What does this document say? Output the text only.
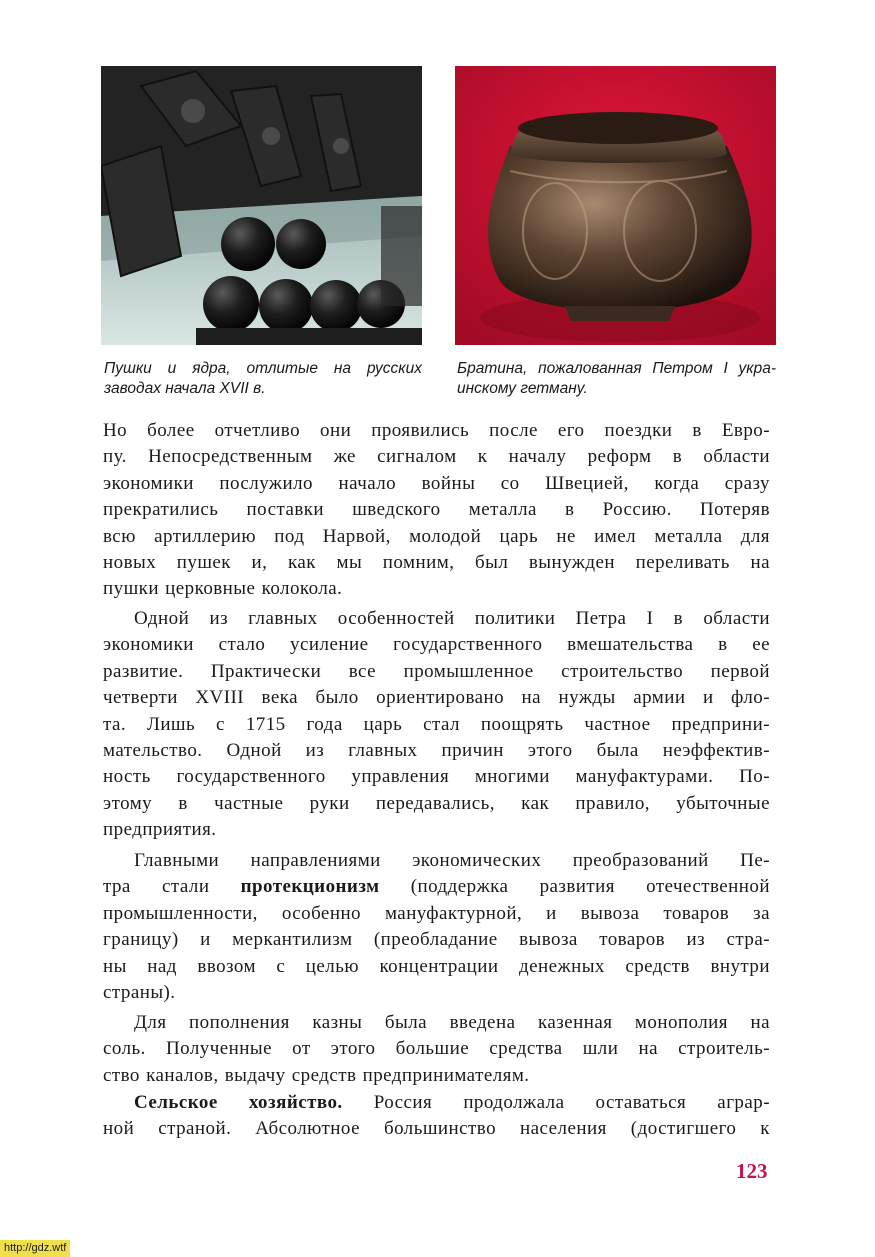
Пушки и ядра, отлитые на русских
заводах начала XVII в.
Братина, пожалованная Петром I укра-
инскому гетману.
Но более отчетливо они проявились после его поездки в Евро-
пу. Непосредственным же сигналом к началу реформ в области
экономики послужило начало войны со Швецией, когда сразу
прекратились поставки шведского металла в Россию. Потеряв
всю артиллерию под Нарвой, молодой царь не имел металла для
новых пушек и, как мы помним, был вынужден переливать на
пушки церковные колокола.
Одной из главных особенностей политики Петра I в области
экономики стало усиление государственного вмешательства в ее
развитие. Практически все промышленное строительство первой
четверти XVIII века было ориентировано на нужды армии и фло-
та. Лишь с 1715 года царь стал поощрять частное предприни-
мательство. Одной из главных причин этого была неэффектив-
ность государственного управления многими мануфактурами. По-
этому в частные руки передавались, как правило, убыточные
предприятия.
Главными направлениями экономических преобразований Пе-
тра стали протекционизм (поддержка развития отечественной
промышленности, особенно мануфактурной, и вывоза товаров за
границу) и меркантилизм (преобладание вывоза товаров из стра-
ны над ввозом с целью концентрации денежных средств внутри
страны).
Для пополнения казны была введена казенная монополия на
соль. Полученные от этого большие средства шли на строитель-
ство каналов, выдачу средств предпринимателям.
Сельское хозяйство. Россия продолжала оставаться аграр-
ной страной. Абсолютное большинство населения (достигшего к
123
http://gdz.wtf
